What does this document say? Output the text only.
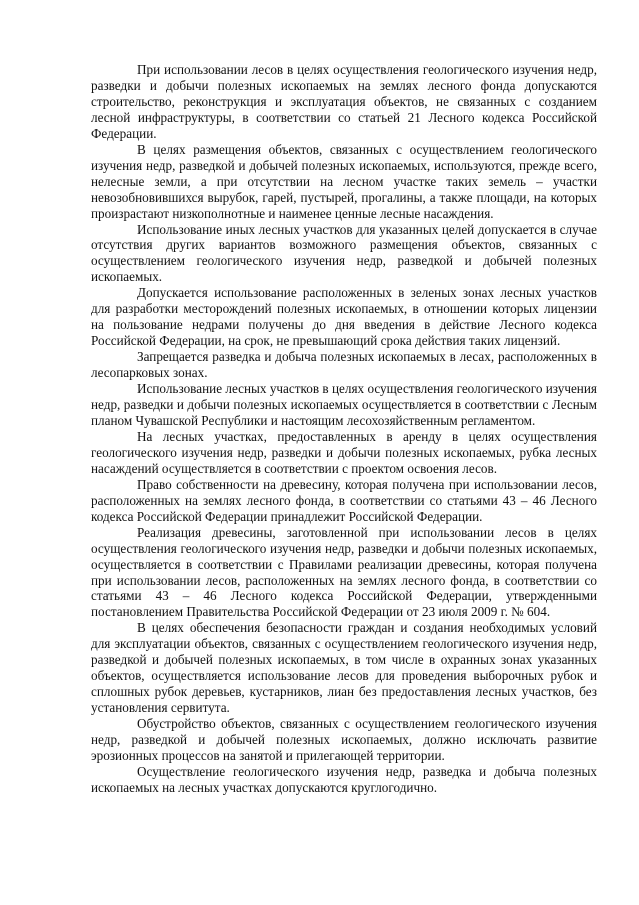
При использовании лесов в целях осуществления геологического изучения недр, разведки и добычи полезных ископаемых на землях лесного фонда допускаются строительство, реконструкция и эксплуатация объектов, не связанных с созданием лесной инфраструктуры, в соответствии со статьей 21 Лесного кодекса Российской Федерации.

В целях размещения объектов, связанных с осуществлением геологического изучения недр, разведкой и добычей полезных ископаемых, используются, прежде всего, нелесные земли, а при отсутствии на лесном участке таких земель – участки невозобновившихся вырубок, гарей, пустырей, прогалины, а также площади, на которых произрастают низкополнотные и наименее ценные лесные насаждения.

Использование иных лесных участков для указанных целей допускается в случае отсутствия других вариантов возможного размещения объектов, связанных с осуществлением геологического изучения недр, разведкой и добычей полезных ископаемых.

Допускается использование расположенных в зеленых зонах лесных участков для разработки месторождений полезных ископаемых, в отношении которых лицензии на пользование недрами получены до дня введения в действие Лесного кодекса Российской Федерации, на срок, не превышающий срока действия таких лицензий.

Запрещается разведка и добыча полезных ископаемых в лесах, расположенных в лесопарковых зонах.

Использование лесных участков в целях осуществления геологического изучения недр, разведки и добычи полезных ископаемых осуществляется в соответствии с Лесным планом Чувашской Республики и настоящим лесохозяйственным регламентом.

На лесных участках, предоставленных в аренду в целях осуществления геологического изучения недр, разведки и добычи полезных ископаемых, рубка лесных насаждений осуществляется в соответствии с проектом освоения лесов.

Право собственности на древесину, которая получена при использовании лесов, расположенных на землях лесного фонда, в соответствии со статьями 43 – 46 Лесного кодекса Российской Федерации принадлежит Российской Федерации.

Реализация древесины, заготовленной при использовании лесов в целях осуществления геологического изучения недр, разведки и добычи полезных ископаемых, осуществляется в соответствии с Правилами реализации древесины, которая получена при использовании лесов, расположенных на землях лесного фонда, в соответствии со статьями 43 – 46 Лесного кодекса Российской Федерации, утвержденными постановлением Правительства Российской Федерации от 23 июля 2009 г. № 604.

В целях обеспечения безопасности граждан и создания необходимых условий для эксплуатации объектов, связанных с осуществлением геологического изучения недр, разведкой и добычей полезных ископаемых, в том числе в охранных зонах указанных объектов, осуществляется использование лесов для проведения выборочных рубок и сплошных рубок деревьев, кустарников, лиан без предоставления лесных участков, без установления сервитута.

Обустройство объектов, связанных с осуществлением геологического изучения недр, разведкой и добычей полезных ископаемых, должно исключать развитие эрозионных процессов на занятой и прилегающей территории.

Осуществление геологического изучения недр, разведка и добыча полезных ископаемых на лесных участках допускаются круглогодично.
